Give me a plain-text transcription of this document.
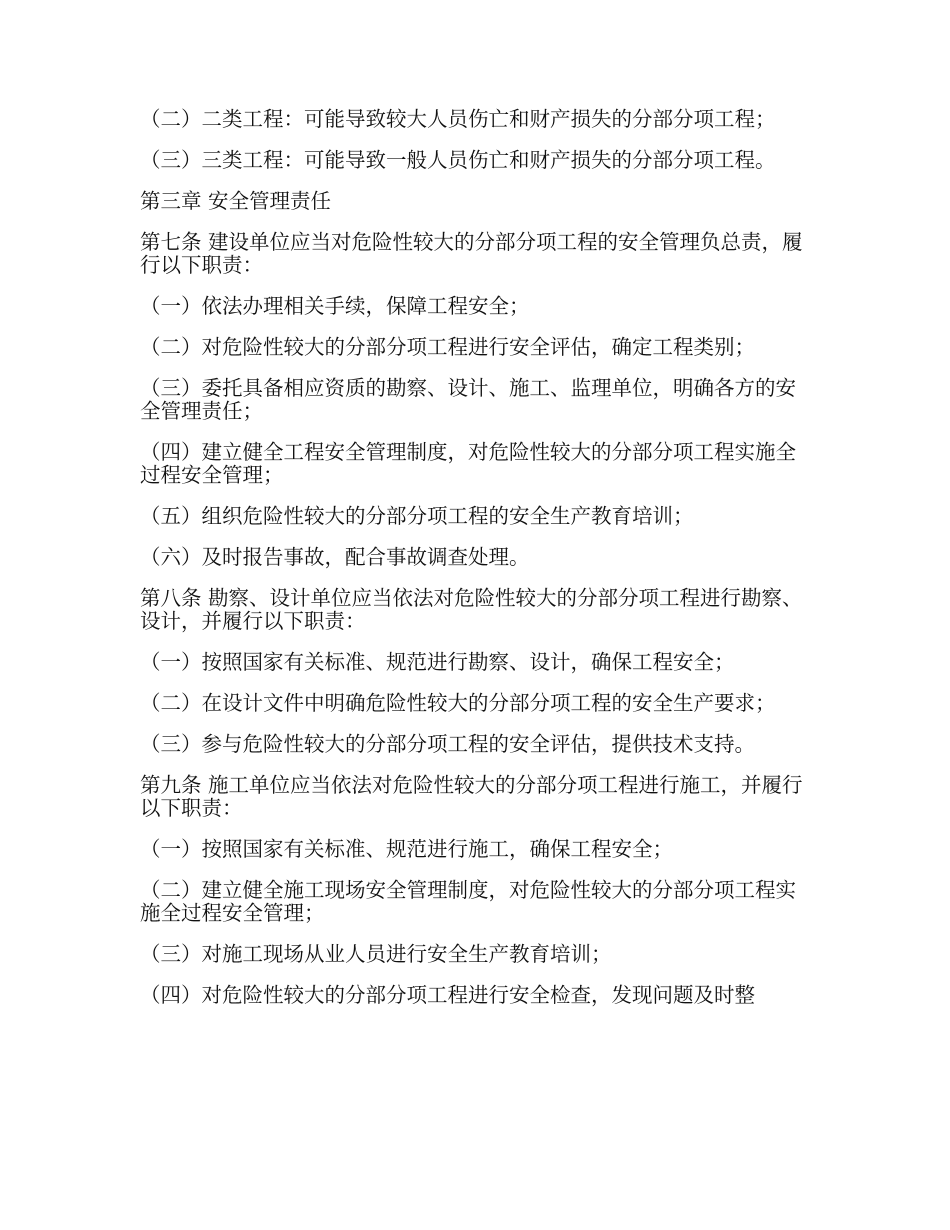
（二）二类工程：可能导致较大人员伤亡和财产损失的分部分项工程；

（三）三类工程：可能导致一般人员伤亡和财产损失的分部分项工程。

第三章 安全管理责任

第七条 建设单位应当对危险性较大的分部分项工程的安全管理负总责，履行以下职责：

（一）依法办理相关手续，保障工程安全；

（二）对危险性较大的分部分项工程进行安全评估，确定工程类别；

（三）委托具备相应资质的勘察、设计、施工、监理单位，明确各方的安全管理责任；

（四）建立健全工程安全管理制度，对危险性较大的分部分项工程实施全过程安全管理；

（五）组织危险性较大的分部分项工程的安全生产教育培训；

（六）及时报告事故，配合事故调查处理。

第八条 勘察、设计单位应当依法对危险性较大的分部分项工程进行勘察、设计，并履行以下职责：

（一）按照国家有关标准、规范进行勘察、设计，确保工程安全；

（二）在设计文件中明确危险性较大的分部分项工程的安全生产要求；

（三）参与危险性较大的分部分项工程的安全评估，提供技术支持。

第九条 施工单位应当依法对危险性较大的分部分项工程进行施工，并履行以下职责：

（一）按照国家有关标准、规范进行施工，确保工程安全；

（二）建立健全施工现场安全管理制度，对危险性较大的分部分项工程实施全过程安全管理；

（三）对施工现场从业人员进行安全生产教育培训；

（四）对危险性较大的分部分项工程进行安全检查，发现问题及时整
